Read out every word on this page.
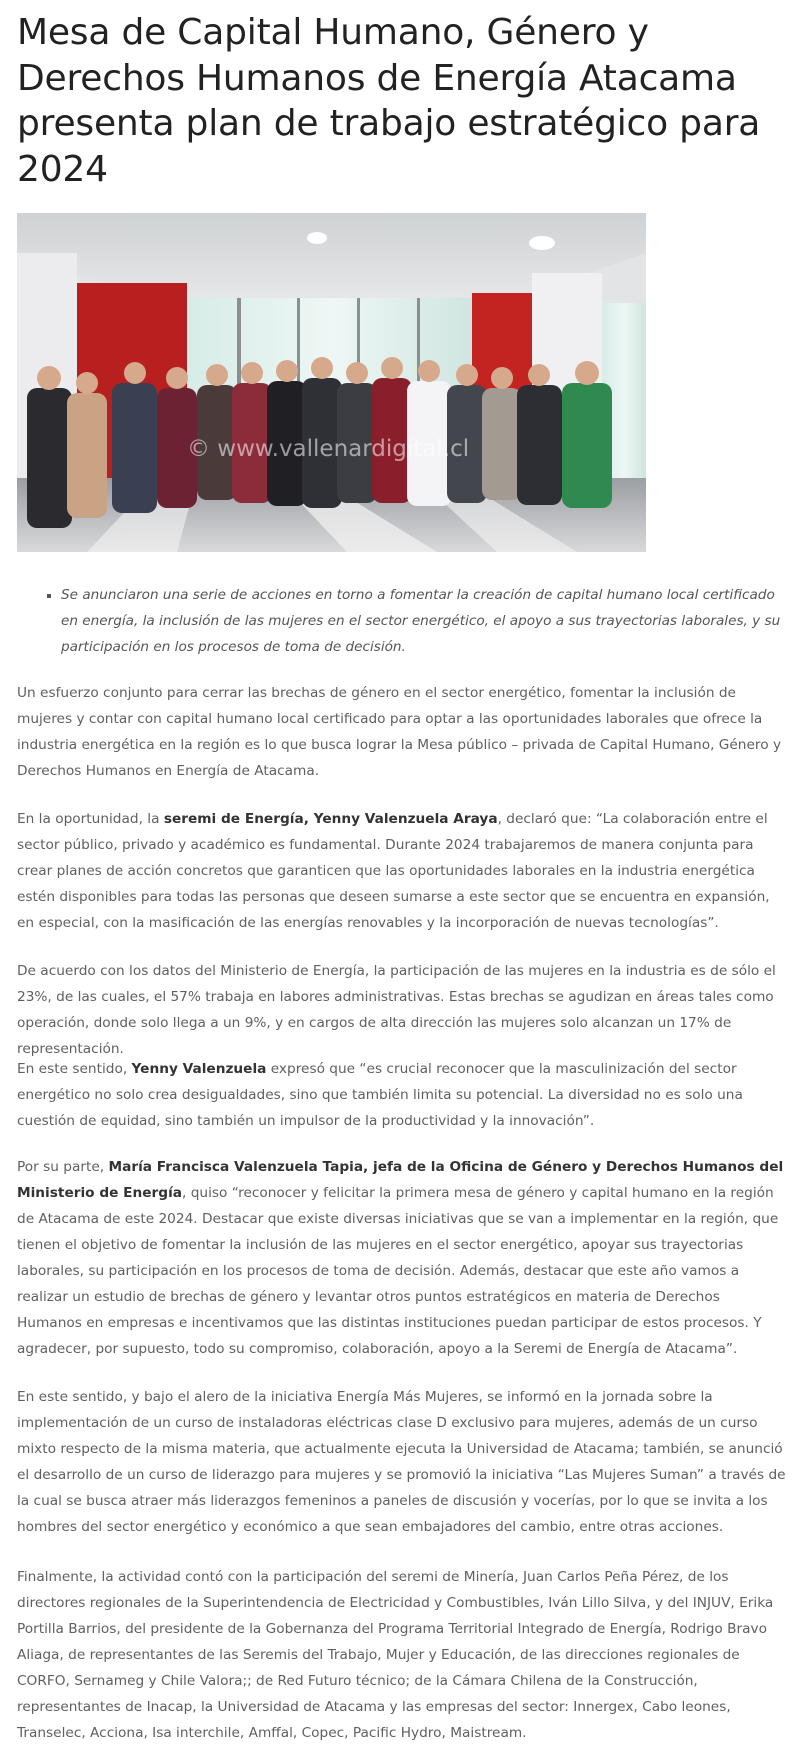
Mesa de Capital Humano, Género y Derechos Humanos de Energía Atacama presenta plan de trabajo estratégico para 2024
© www.vallenardigital.cl
Se anunciaron una serie de acciones en torno a fomentar la creación de capital humano local certificado en energía, la inclusión de las mujeres en el sector energético, el apoyo a sus trayectorias laborales, y su participación en los procesos de toma de decisión.

Un esfuerzo conjunto para cerrar las brechas de género en el sector energético, fomentar la inclusión de mujeres y contar con capital humano local certificado para optar a las oportunidades laborales que ofrece la industria energética en la región es lo que busca lograr la Mesa público – privada de Capital Humano, Género y Derechos Humanos en Energía de Atacama.

En la oportunidad, la seremi de Energía, Yenny Valenzuela Araya, declaró que: “La colaboración entre el sector público, privado y académico es fundamental. Durante 2024 trabajaremos de manera conjunta para crear planes de acción concretos que garanticen que las oportunidades laborales en la industria energética estén disponibles para todas las personas que deseen sumarse a este sector que se encuentra en expansión, en especial, con la masificación de las energías renovables y la incorporación de nuevas tecnologías”.

De acuerdo con los datos del Ministerio de Energía, la participación de las mujeres en la industria es de sólo el 23%, de las cuales, el 57% trabaja en labores administrativas. Estas brechas se agudizan en áreas tales como operación, donde solo llega a un 9%, y en cargos de alta dirección las mujeres solo alcanzan un 17% de representación.

En este sentido, Yenny Valenzuela expresó que “es crucial reconocer que la masculinización del sector energético no solo crea desigualdades, sino que también limita su potencial. La diversidad no es solo una cuestión de equidad, sino también un impulsor de la productividad y la innovación”.

Por su parte, María Francisca Valenzuela Tapia, jefa de la Oficina de Género y Derechos Humanos del Ministerio de Energía, quiso “reconocer y felicitar la primera mesa de género y capital humano en la región de Atacama de este 2024. Destacar que existe diversas iniciativas que se van a implementar en la región, que tienen el objetivo de fomentar la inclusión de las mujeres en el sector energético, apoyar sus trayectorias laborales, su participación en los procesos de toma de decisión. Además, destacar que este año vamos a realizar un estudio de brechas de género y levantar otros puntos estratégicos en materia de Derechos Humanos en empresas e incentivamos que las distintas instituciones puedan participar de estos procesos. Y agradecer, por supuesto, todo su compromiso, colaboración, apoyo a la Seremi de Energía de Atacama”.

En este sentido, y bajo el alero de la iniciativa Energía Más Mujeres, se informó en la jornada sobre la implementación de un curso de instaladoras eléctricas clase D exclusivo para mujeres, además de un curso mixto respecto de la misma materia, que actualmente ejecuta la Universidad de Atacama; también, se anunció el desarrollo de un curso de liderazgo para mujeres y se promovió la iniciativa “Las Mujeres Suman” a través de la cual se busca atraer más liderazgos femeninos a paneles de discusión y vocerías, por lo que se invita a los hombres del sector energético y económico a que sean embajadores del cambio, entre otras acciones.

Finalmente, la actividad contó con la participación del seremi de Minería, Juan Carlos Peña Pérez, de los directores regionales de la Superintendencia de Electricidad y Combustibles, Iván Lillo Silva, y del INJUV, Erika Portilla Barrios, del presidente de la Gobernanza del Programa Territorial Integrado de Energía, Rodrigo Bravo Aliaga, de representantes de las Seremis del Trabajo, Mujer y Educación, de las direcciones regionales de CORFO, Sernameg y Chile Valora;; de Red Futuro técnico; de la Cámara Chilena de la Construcción, representantes de Inacap, la Universidad de Atacama y las empresas del sector: Innergex, Cabo leones, Transelec, Acciona, Isa interchile, Amffal, Copec, Pacific Hydro, Maistream.
